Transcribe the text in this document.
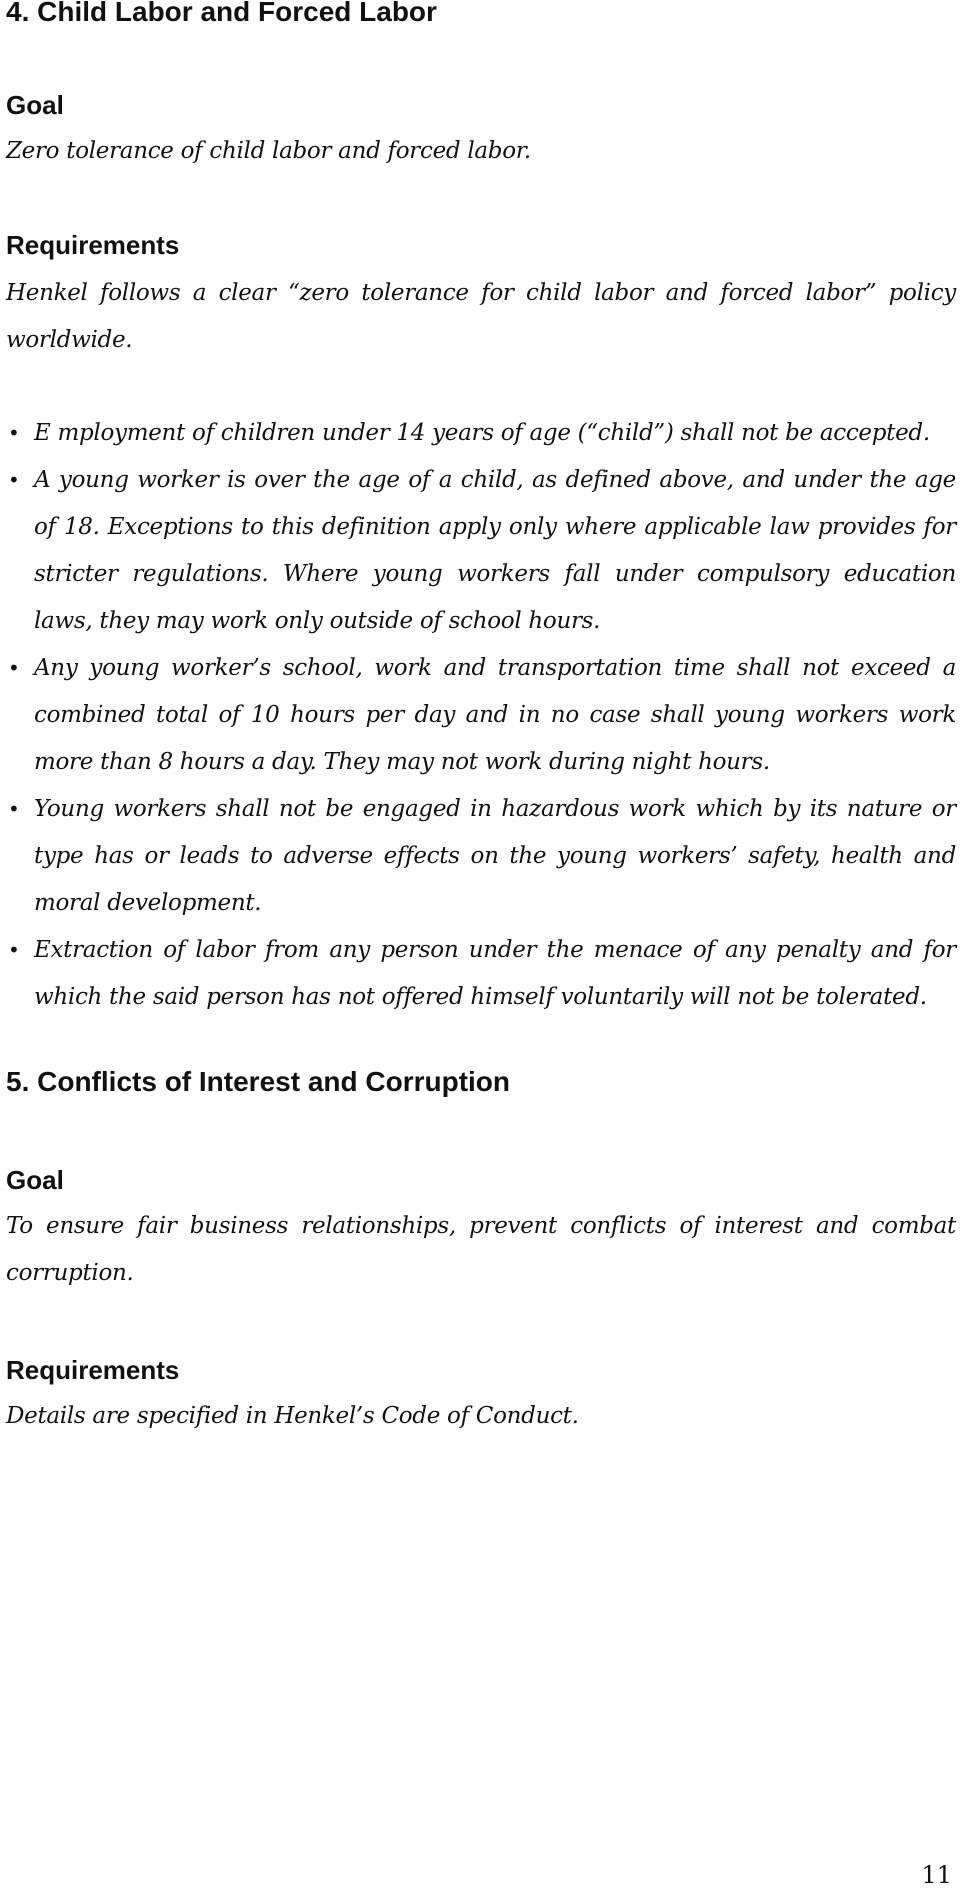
4. Child Labor and Forced Labor
Goal

Zero tolerance of child labor and forced labor.

Requirements

Henkel follows a clear “zero tolerance for child labor and forced labor” policy worldwide.

• E mployment of children under 14 years of age (“child”) shall not be accepted.
• A young worker is over the age of a child, as defined above, and under the age of 18. Exceptions to this definition apply only where applicable law provides for stricter regulations. Where young workers fall under compulsory education laws, they may work only outside of school hours.
• Any young worker’s school, work and transportation time shall not exceed a combined total of 10 hours per day and in no case shall young workers work more than 8 hours a day. They may not work during night hours.
• Young workers shall not be engaged in hazardous work which by its nature or type has or leads to adverse effects on the young workers’ safety, health and moral development.
• Extraction of labor from any person under the menace of any penalty and for which the said person has not offered himself voluntarily will not be tolerated.
5. Conflicts of Interest and Corruption
Goal

To ensure fair business relationships, prevent conflicts of interest and combat corruption.

Requirements

Details are specified in Henkel’s Code of Conduct.

11
